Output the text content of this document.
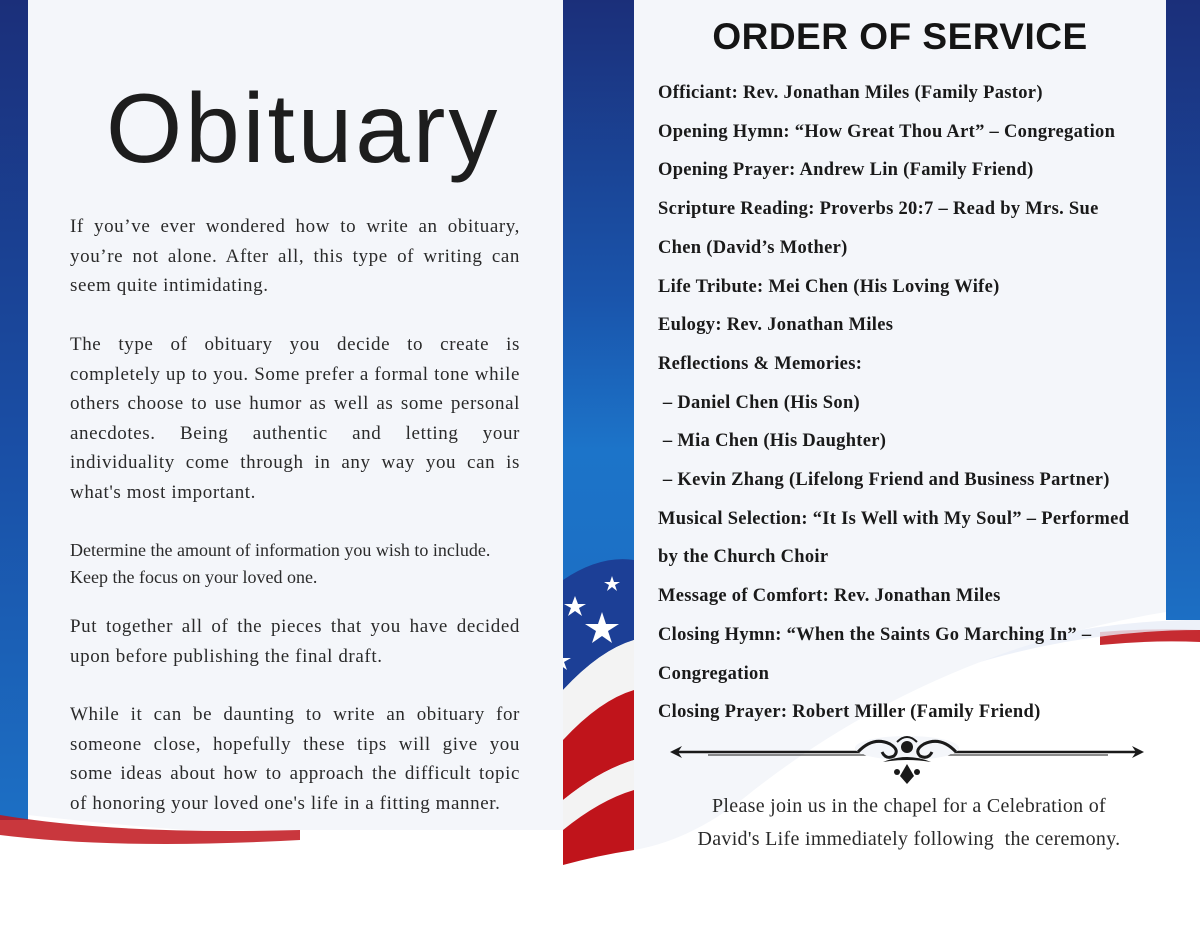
Obituary

If you’ve ever wondered how to write an obituary, you’re not alone. After all, this type of writing can seem quite intimidating.

The type of obituary you decide to create is completely up to you. Some prefer a formal tone while others choose to use humor as well as some personal anecdotes. Being authentic and letting your individuality come through in any way you can is what's most important.

Determine the amount of information you wish to include. Keep the focus on your loved one.

Put together all of the pieces that you have decided upon before publishing the final draft.

While it can be daunting to write an obituary for someone close, hopefully these tips will give you some ideas about how to approach the difficult topic of honoring your loved one's life in a fitting manner.

ORDER OF SERVICE
Officiant: Rev. Jonathan Miles (Family Pastor)
Opening Hymn: “How Great Thou Art” – Congregation
Opening Prayer: Andrew Lin (Family Friend)
Scripture Reading: Proverbs 20:7 – Read by Mrs. Sue
Chen (David’s Mother)
Life Tribute: Mei Chen (His Loving Wife)
Eulogy: Rev. Jonathan Miles
Reflections & Memories:
– Daniel Chen (His Son)
– Mia Chen (His Daughter)
– Kevin Zhang (Lifelong Friend and Business Partner)
Musical Selection: “It Is Well with My Soul” – Performed
by the Church Choir
Message of Comfort: Rev. Jonathan Miles
Closing Hymn: “When the Saints Go Marching In” –
Congregation
Closing Prayer: Robert Miller (Family Friend)

Please join us in the chapel for a Celebration of
David's Life immediately following  the ceremony.
